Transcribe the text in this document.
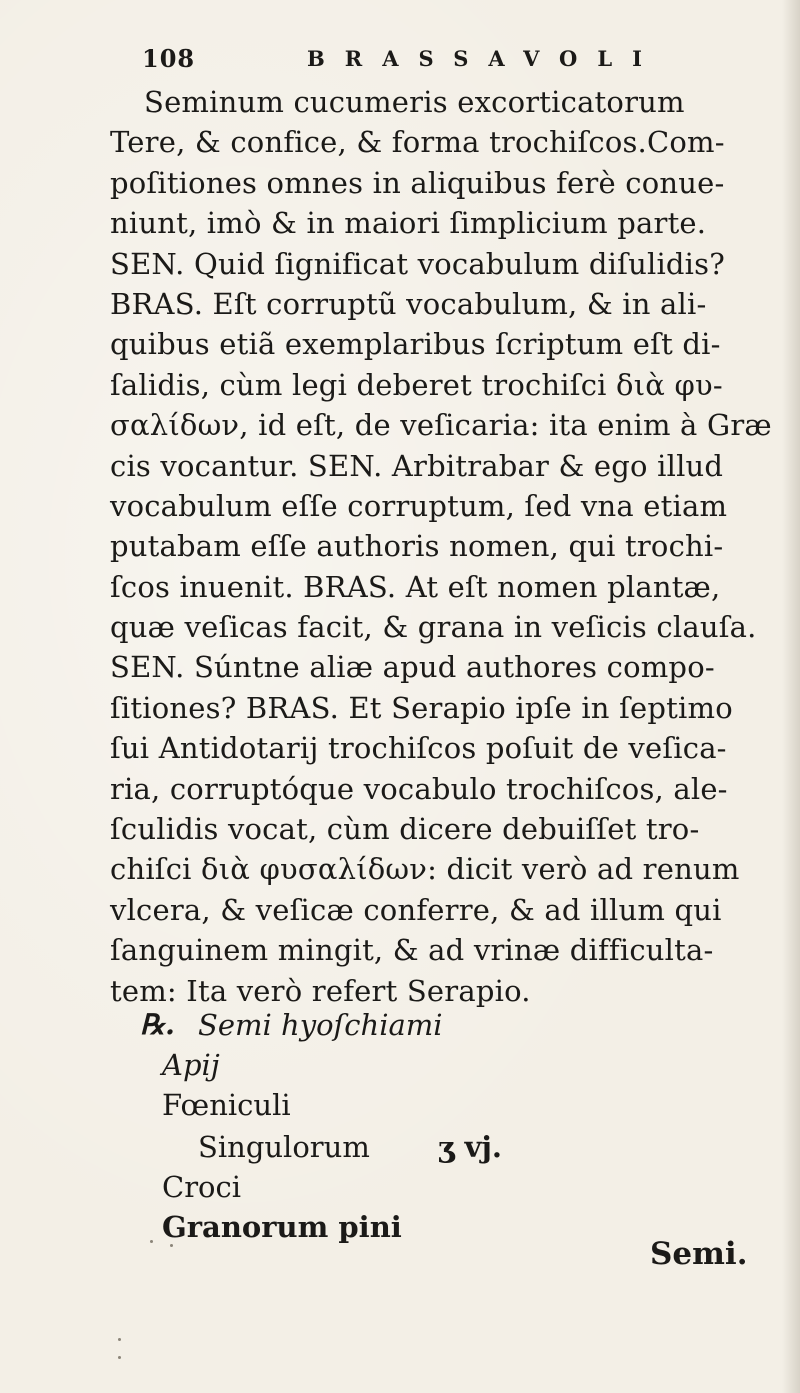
108	BRASSAVOLI
Seminum cucumeris excorticatorum
Tere, & confice, & forma trochiſcos.Com-
poſitiones omnes in aliquibus ferè conue-
niunt, imò & in maiori ſimplicium parte.
SEN. Quid ſignificat vocabulum diſulidis?
BRAS. Eſt corruptũ vocabulum, & in ali-
quibus etiã exemplaribus ſcriptum eſt di-
ſalidis, cùm legi deberet trochiſci διὰ φυ-
σαλίδων, id eſt, de veſicaria: ita enim à Græ
cis vocantur. SEN. Arbitrabar & ego illud
vocabulum eſſe corruptum, ſed vna etiam
putabam eſſe authoris nomen, qui trochi-
ſcos inuenit. BRAS. At eſt nomen plantæ,
quæ veſicas facit, & grana in veſicis clauſa.
SEN. Súntne aliæ apud authores compo-
ſitiones? BRAS. Et Serapio ipſe in ſeptimo
ſui Antidotarij trochiſcos poſuit de veſica-
ria, corruptóque vocabulo trochiſcos, ale-
ſculidis vocat, cùm dicere debuiſſet tro-
chiſci διὰ φυσαλίδων: dicit verò ad renum
vlcera, & veſicæ conferre, & ad illum qui
ſanguinem mingit, & ad vrinæ difficulta-
tem: Ita verò refert Serapio.
℞. Semi hyoſchiami
Apij
Fœniculi
Singulorum ʒ vj.
Croci
Granorum pini
Semi.
